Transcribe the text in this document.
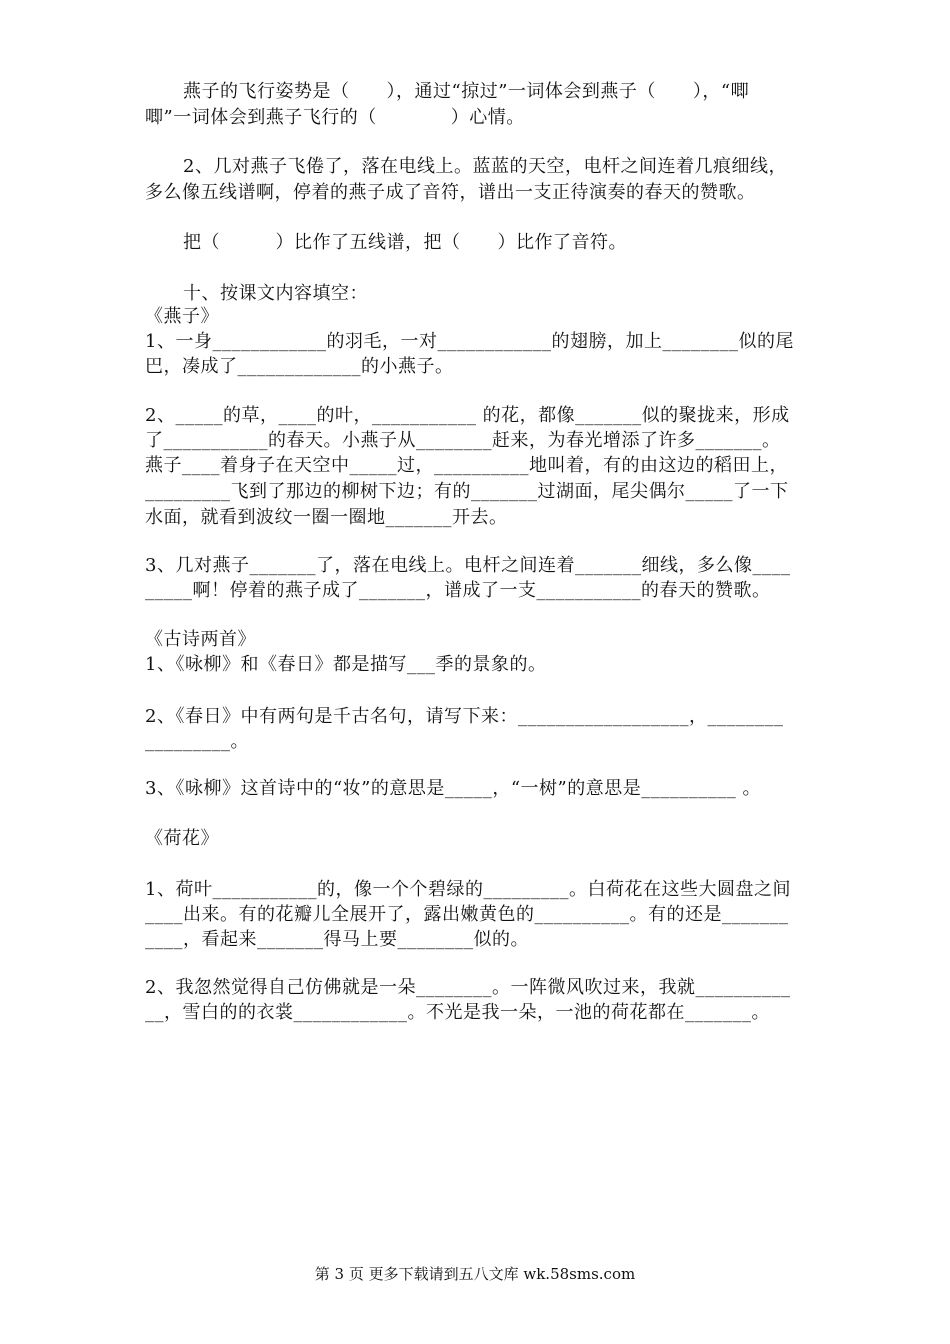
燕子的飞行姿势是（　　），通过“掠过”一词体会到燕子（　　），“唧
唧”一词体会到燕子飞行的（　　　　）心情。
2、几对燕子飞倦了，落在电线上。蓝蓝的天空，电杆之间连着几痕细线，
多么像五线谱啊，停着的燕子成了音符，谱出一支正待演奏的春天的赞歌。
把（　　　）比作了五线谱，把（　　）比作了音符。
十、按课文内容填空：
《燕子》
1、一身____________的羽毛，一对____________的翅膀，加上________似的尾
巴，凑成了_____________的小燕子。
2、_____的草，____的叶，___________ 的花，都像_______似的聚拢来，形成
了___________的春天。小燕子从________赶来，为春光增添了许多_______。
燕子____着身子在天空中_____过，__________地叫着，有的由这边的稻田上，
_________飞到了那边的柳树下边；有的_______过湖面，尾尖偶尔_____了一下
水面，就看到波纹一圈一圈地_______开去。
3、几对燕子_______了，落在电线上。电杆之间连着_______细线，多么像____
_____啊！停着的燕子成了_______，谱成了一支___________的春天的赞歌。
《古诗两首》
1、《咏柳》和《春日》都是描写___季的景象的。
2、《春日》中有两句是千古名句，请写下来：__________________，________
_________。
3、《咏柳》这首诗中的“妆”的意思是_____，“一树”的意思是__________ 。
《荷花》
1、荷叶___________的，像一个个碧绿的_________。白荷花在这些大圆盘之间
____出来。有的花瓣儿全展开了，露出嫩黄色的__________。有的还是_______
____，看起来_______得马上要________似的。
2、我忽然觉得自己仿佛就是一朵________。一阵微风吹过来，我就__________
__，雪白的的衣裳____________。不光是我一朵，一池的荷花都在_______。
第 3 页 更多下载请到五八文库 wk.58sms.com
